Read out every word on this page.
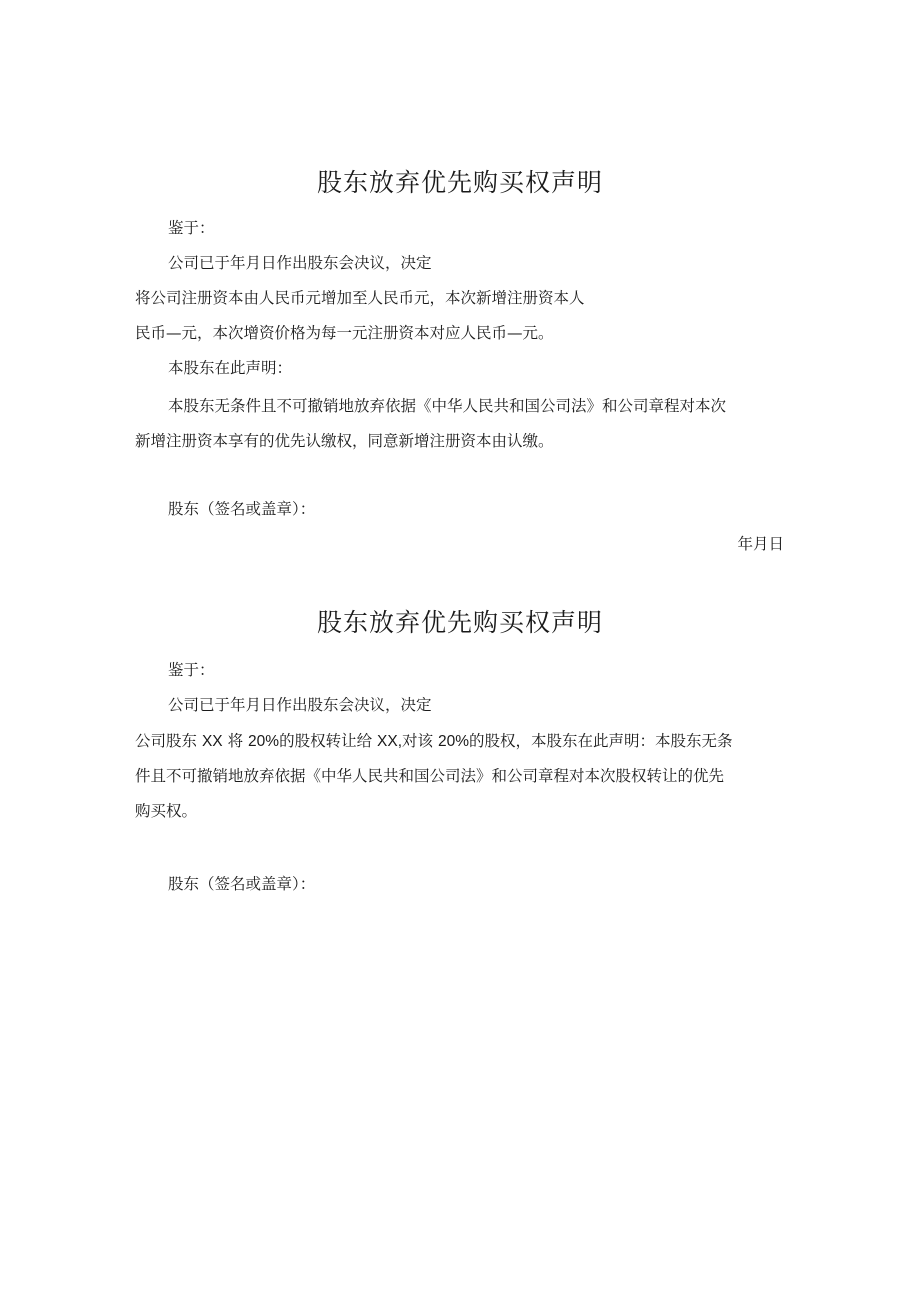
股东放弃优先购买权声明
鉴于：
公司已于年月日作出股东会决议，决定
将公司注册资本由人民币元增加至人民币元，本次新增注册资本人
民币—元，本次增资价格为每一元注册资本对应人民币—元。
本股东在此声明：
本股东无条件且不可撤销地放弃依据《中华人民共和国公司法》和公司章程对本次
新增注册资本享有的优先认缴权，同意新增注册资本由认缴。
股东（签名或盖章）：
年月日
股东放弃优先购买权声明
鉴于：
公司已于年月日作出股东会决议，决定
公司股东 XX 将 20%的股权转让给 XX,对该 20%的股权，本股东在此声明：本股东无条
件且不可撤销地放弃依据《中华人民共和国公司法》和公司章程对本次股权转让的优先
购买权。
股东（签名或盖章）：
